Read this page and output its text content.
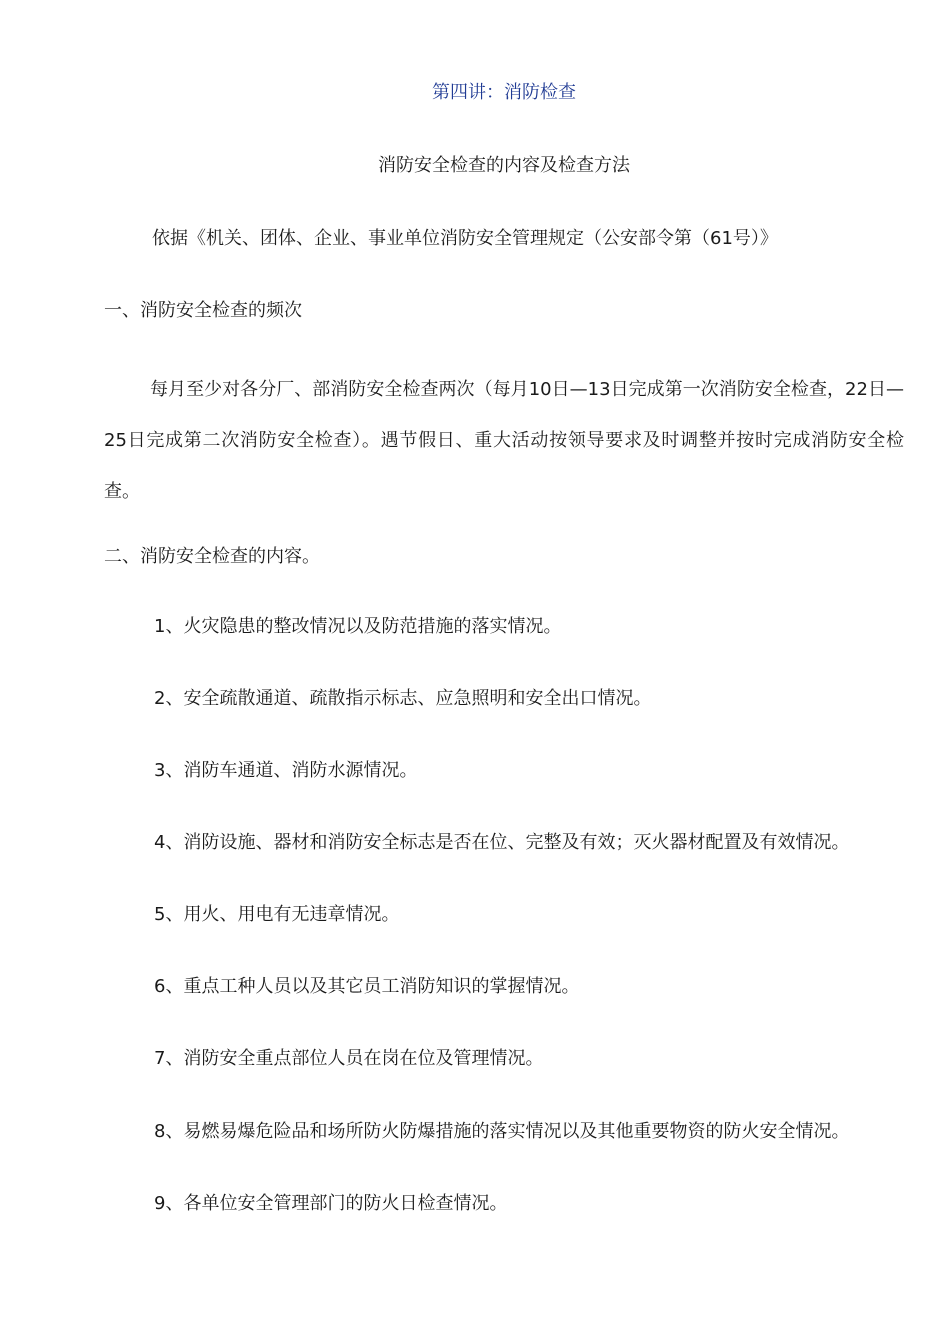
第四讲：消防检查
消防安全检查的内容及检查方法
依据《机关、团体、企业、事业单位消防安全管理规定（公安部令第（61号）》
一、消防安全检查的频次
每月至少对各分厂、部消防安全检查两次（每月10日—13日完成第一次消防安全检查，22日—25日完成第二次消防安全检查）。遇节假日、重大活动按领导要求及时调整并按时完成消防安全检查。
二、消防安全检查的内容。
1、火灾隐患的整改情况以及防范措施的落实情况。
2、安全疏散通道、疏散指示标志、应急照明和安全出口情况。
3、消防车通道、消防水源情况。
4、消防设施、器材和消防安全标志是否在位、完整及有效；灭火器材配置及有效情况。
5、用火、用电有无违章情况。
6、重点工种人员以及其它员工消防知识的掌握情况。
7、消防安全重点部位人员在岗在位及管理情况。
8、易燃易爆危险品和场所防火防爆措施的落实情况以及其他重要物资的防火安全情况。
9、各单位安全管理部门的防火日检查情况。
